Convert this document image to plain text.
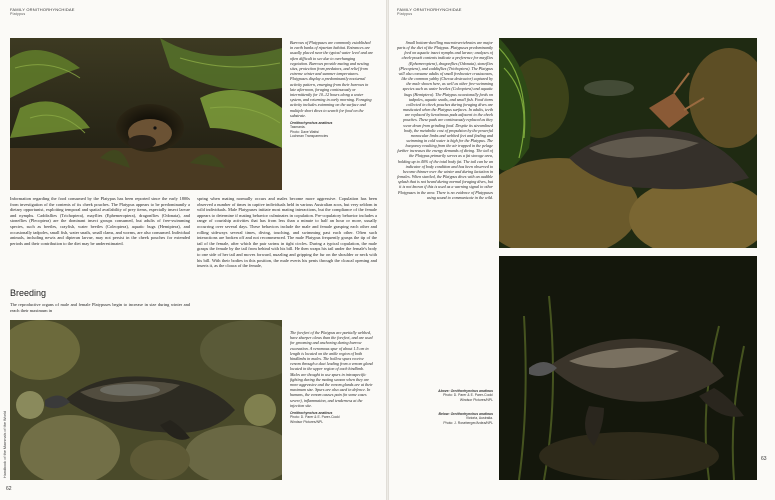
FAMILY ORNITHORHYNCHIDAE
Platypus
Burrows of Platypuses are commonly established in earth banks of riparian habitat. Entrances are usually placed near the typical water level and are often difficult to see due to overhanging vegetation. Burrows provide mating and nesting sites, protection from predators, and relief from extreme winter and summer temperatures. Platypuses display a predominantly nocturnal activity pattern, emerging from their burrows in late afternoon, foraging continuously or intermittently for 10–12 hours along a water system, and returning in early morning. Foraging activity includes swimming on the surface and multiple short dives to search for food on the substrate.
Ornithorhynchus anatinus
Tasmania.
Photo: Dave Watts/
Lochman Transparencies
Information regarding the food consumed by the Platypus has been reported since the early 1800s from investigation of the contents of its cheek pouches. The Platypus appears to be predominantly a dietary opportunist, exploiting temporal and spatial availability of prey items, especially insect larvae and nymphs. Caddisflies (Trichoptera), mayflies (Ephemeroptera), dragonflies (Odonata), and stoneflies (Plecoptera) are the dominant insect groups consumed, but adults of free-swimming species, such as beetles, crayfish, water beetles (Coleoptera), aquatic bugs (Hemiptera), and occasionally tadpoles, small fish, water snails, small clams, and worms, are also consumed. Individual animals, including newts and dipteran larvae, may not persist in the cheek pouches for extended periods and their contribution to the diet may be underestimated.
Breeding
The reproductive organs of male and female Platypuses begin to increase in size during winter and reach their maximum in
spring when mating normally occurs and males become more aggressive. Copulation has been observed a number of times in captive individuals held in various Australian zoos, but very seldom in wild individuals. Male Platypuses initiate most mating interactions, but the compliance of the female appears to determine if mating behavior culminates in copulation. Pre-copulatory behavior includes a range of courtship activities that has from less than a minute to half an hour or more, usually occurring over several days. These behaviors include the male and female grasping each other and rolling sideways several times, diving, touching, and swimming past each other. Often such interactions are broken off and not recommenced. The male Platypus frequently grasps the tip of the tail of the female, after which the pair swims in tight circles. During a typical copulation, the male grasps the female by the tail from behind with his bill. He then wraps his tail under the female's body to one side of her tail and moves forward, nuzzling and gripping the fur on the shoulder or neck with his bill. With their bodies in this position, the male everts his penis through the cloacal opening and inserts it, as the cloaca of the female,
The forefeet of the Platypus are partially webbed, have sharper claws than the forefeet, and are used for grooming and anchoring during burrow excavation. A venomous spur of about 1.5 cm in length is located on the ankle region of both hindlimbs in males. The hollow spurs receive venom through a duct leading from a venom gland located in the upper region of each hindlimb. Males are thought to use spurs in intraspecific fighting during the mating season when they are more aggressive and the venom glands are at their maximum size. Spurs are also used in defence. In humans, the venom causes pain (in some cases severe), inflammation, and tenderness at the injection site.
Ornithorhynchus anatinus
Photo: D. Parer & E. Parer-Cook/
Windsor Pictures/NPL
62
Handbook of the Mammals of the World
FAMILY ORNITHORHYNCHIDAE
Platypus
Small bottom-dwelling macroinvertebrates are major parts of the diet of the Platypus. Platypuses predominantly feed on aquatic insect nymphs and larvae; analyses of cheek-pouch contents indicate a preference for mayflies (Ephemeroptera), dragonflies (Odonata), stoneflies (Plecoptera), and caddisflies (Trichoptera). The Platypus will also consume adults of small freshwater crustaceans, like the common yabby (Cherax destructor) captured by the male shown here, as well as other free-swimming species such as water beetles (Coleoptera) and aquatic bugs (Hemiptera). The Platypus occasionally feeds on tadpoles, aquatic snails, and small fish. Food items collected in cheek pouches during foraging dives are masticated when the Platypus surfaces. In adults, teeth are replaced by keratinous pads adjacent to the cheek pouches. These pads are continuously replaced as they wear down from grinding food. Despite its streamlined body, the metabolic cost of propulsion by the powerful monocular limbs and webbed feet and finding and swimming in cold water is high for the Platypus. The buoyancy resulting from the air trapped in the pelage further increases the energy demands of diving. The tail of the Platypus primarily serves as a fat storage area, holding up to 40% of the total body fat. The tail can be an indicator of body condition and has been observed to become thinner over the winter and during lactation in females. When startled, the Platypus dives with an audible splash that is not heard during normal foraging dives, but it is not known if this is used as a warning signal to other Platypuses in the area. There is no evidence of Platypuses using sound to communicate in the wild.
Above: Ornithorhynchus anatinus
Photo: D. Parer & E. Parer-Cook/
Windsor Pictures/NPL
Below: Ornithorhynchus anatinus
Victoria, Australia.
Photo: J. Roseberger/Ardea/NPL
63
